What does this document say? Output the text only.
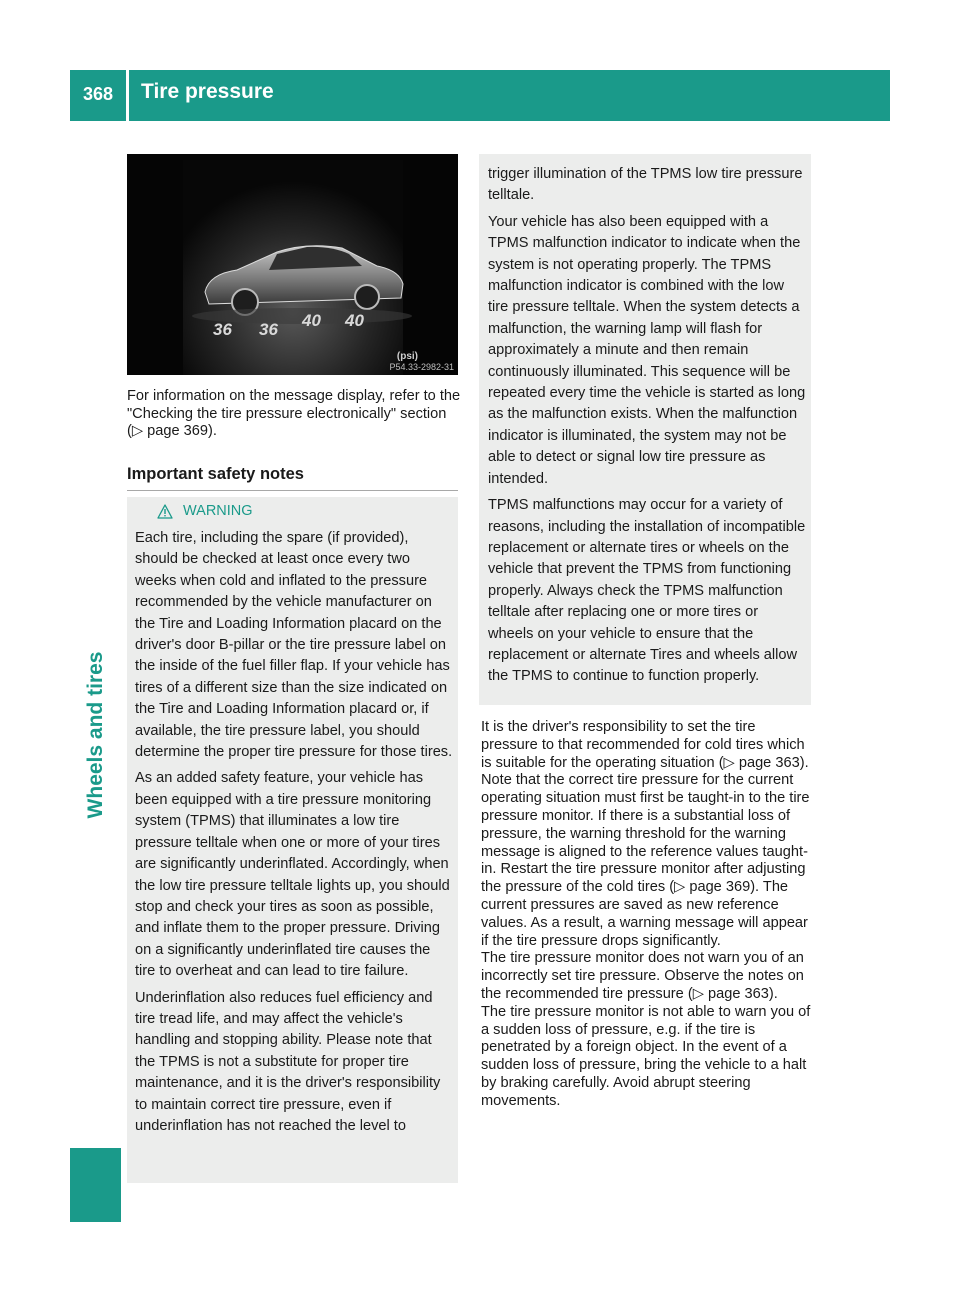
368	Tire pressure
Wheels and tires
36 36 40 40
(psi)
P54.33-2982-31
For information on the message display, refer to the "Checking the tire pressure electronically" section (▷ page 369).
Important safety notes
WARNING

Each tire, including the spare (if provided), should be checked at least once every two weeks when cold and inflated to the pressure recommended by the vehicle manufacturer on the Tire and Loading Information placard on the driver's door B-pillar or the tire pressure label on the inside of the fuel filler flap. If your vehicle has tires of a different size than the size indicated on the Tire and Loading Information placard or, if available, the tire pressure label, you should determine the proper tire pressure for those tires.

As an added safety feature, your vehicle has been equipped with a tire pressure monitoring system (TPMS) that illuminates a low tire pressure telltale when one or more of your tires are significantly underinflated. Accordingly, when the low tire pressure telltale lights up, you should stop and check your tires as soon as possible, and inflate them to the proper pressure. Driving on a significantly underinflated tire causes the tire to overheat and can lead to tire failure.

Underinflation also reduces fuel efficiency and tire tread life, and may affect the vehicle's handling and stopping ability. Please note that the TPMS is not a substitute for proper tire maintenance, and it is the driver's responsibility to maintain correct tire pressure, even if underinflation has not reached the level to

trigger illumination of the TPMS low tire pressure telltale.

Your vehicle has also been equipped with a TPMS malfunction indicator to indicate when the system is not operating properly. The TPMS malfunction indicator is combined with the low tire pressure telltale. When the system detects a malfunction, the warning lamp will flash for approximately a minute and then remain continuously illuminated. This sequence will be repeated every time the vehicle is started as long as the malfunction exists. When the malfunction indicator is illuminated, the system may not be able to detect or signal low tire pressure as intended.

TPMS malfunctions may occur for a variety of reasons, including the installation of incompatible replacement or alternate tires or wheels on the vehicle that prevent the TPMS from functioning properly. Always check the TPMS malfunction telltale after replacing one or more tires or wheels on your vehicle to ensure that the replacement or alternate Tires and wheels allow the TPMS to continue to function properly.

It is the driver's responsibility to set the tire pressure to that recommended for cold tires which is suitable for the operating situation (▷ page 363). Note that the correct tire pressure for the current operating situation must first be taught-in to the tire pressure monitor. If there is a substantial loss of pressure, the warning threshold for the warning message is aligned to the reference values taught-in. Restart the tire pressure monitor after adjusting the pressure of the cold tires (▷ page 369). The current pressures are saved as new reference values. As a result, a warning message will appear if the tire pressure drops significantly.

The tire pressure monitor does not warn you of an incorrectly set tire pressure. Observe the notes on the recommended tire pressure (▷ page 363).

The tire pressure monitor is not able to warn you of a sudden loss of pressure, e.g. if the tire is penetrated by a foreign object. In the event of a sudden loss of pressure, bring the vehicle to a halt by braking carefully. Avoid abrupt steering movements.
